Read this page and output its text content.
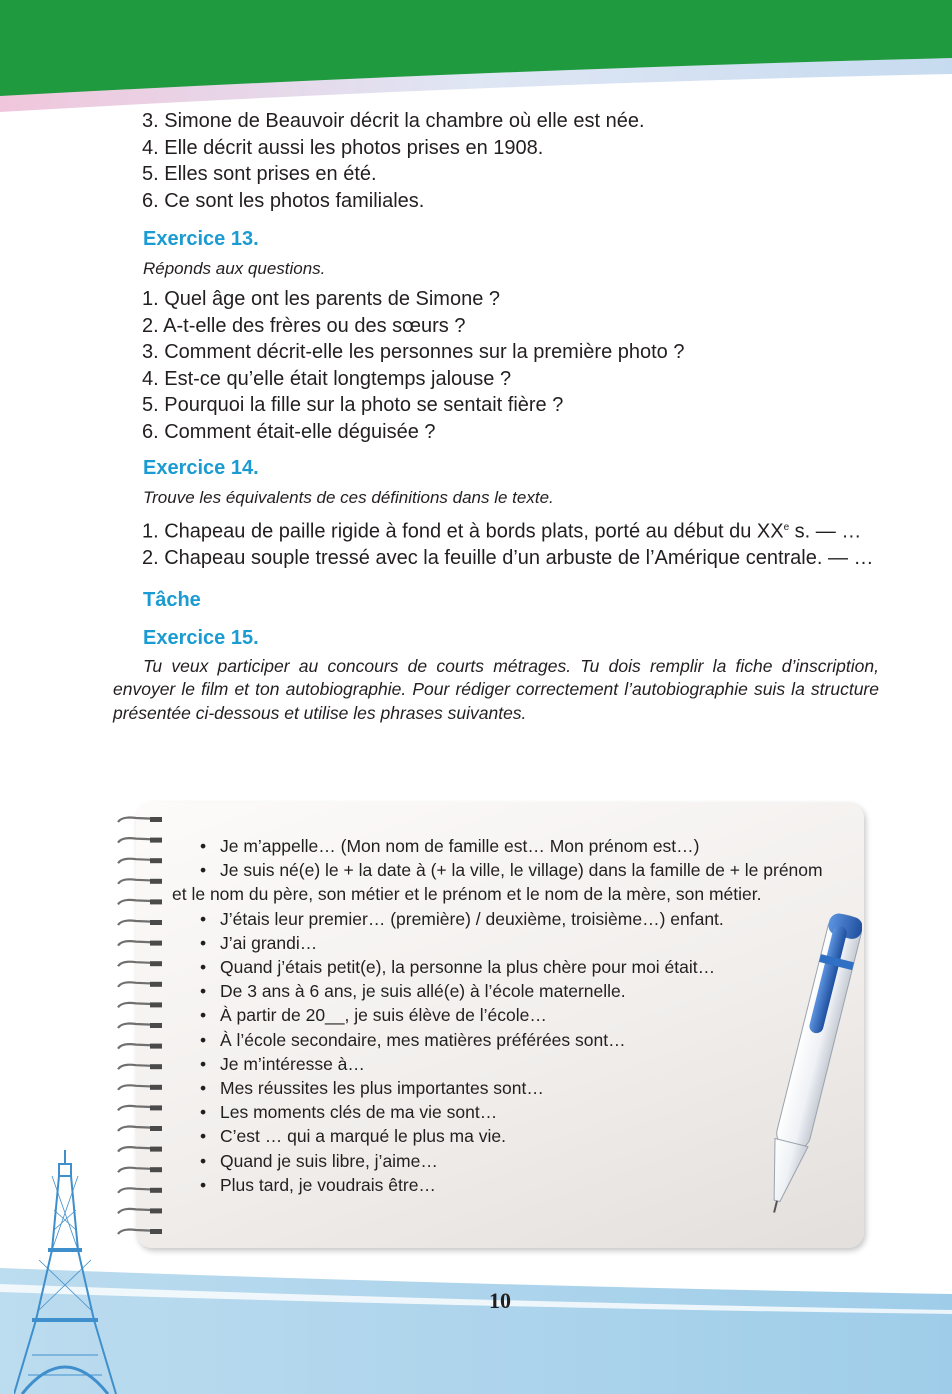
3. Simone de Beauvoir décrit la chambre où elle est née.
4. Elle décrit aussi les photos prises en 1908.
5. Elles sont prises en été.
6. Ce sont les photos familiales.
Exercice 13.
Réponds aux questions.
1. Quel âge ont les parents de Simone ?
2. A-t-elle des frères ou des sœurs ?
3. Comment décrit-elle les personnes sur la première photo ?
4. Est-ce qu’elle était longtemps jalouse ?
5. Pourquoi la fille sur la photo se sentait fière ?
6. Comment était-elle déguisée ?
Exercice 14.
Trouve les équivalents de ces définitions dans le texte.
1. Chapeau de paille rigide à fond et à bords plats, porté au début du XXe s. — …
2. Chapeau souple tressé avec la feuille d’un arbuste de l’Amérique centrale. — …
Tâche
Exercice 15.
Tu veux participer au concours de courts métrages. Tu dois remplir la fiche d’inscription, envoyer le film et ton autobiographie. Pour rédiger correctement l’autobiographie suis la structure présentée ci-dessous et utilise les phrases suivantes.
• Je m’appelle… (Mon nom de famille est… Mon prénom est…)
• Je suis né(e) le + la date à (+ la ville, le village) dans la famille de + le prénom et le nom du père, son métier et le prénom et le nom de la mère, son métier.
• J’étais leur premier… (première) / deuxième, troisième…) enfant.
• J’ai grandi…
• Quand j’étais petit(e), la personne la plus chère pour moi était…
• De 3 ans à 6 ans, je suis allé(e) à l’école maternelle.
• À partir de 20__, je suis élève de l’école…
• À l’école secondaire, mes matières préférées sont…
• Je m’intéresse à…
• Mes réussites les plus importantes sont…
• Les moments clés de ma vie sont…
• C’est … qui a marqué le plus ma vie.
• Quand je suis libre, j’aime…
• Plus tard, je voudrais être…
10
